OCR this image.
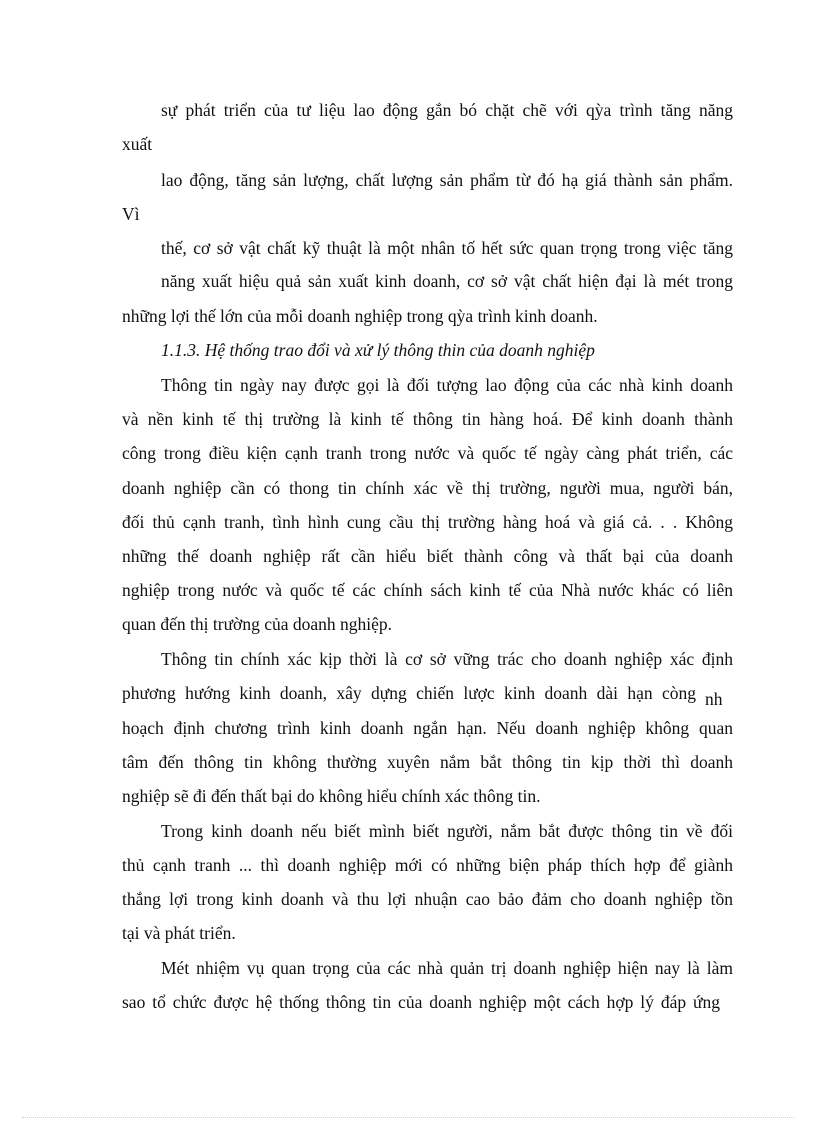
sự phát triển của tư liệu lao động gắn bó chặt chẽ với qỳa trình tăng năng
xuất
lao động, tăng sản lượng, chất lượng sản phẩm từ đó hạ giá thành sản phẩm.
Vì
thế, cơ sở vật chất kỹ thuật là một nhân tố hết sức quan trọng trong việc tăng
năng xuất hiệu quả sản xuất kinh doanh, cơ sở vật chất hiện đại là mét trong
những lợi thế lớn của mỗi doanh nghiệp trong qỳa trình kinh doanh.
1.1.3. Hệ thống trao đổi và xử lý thông thin của doanh nghiệp
Thông tin ngày nay được gọi là đối tượng lao động của các nhà kinh doanh
và nền kinh tế thị trường là kinh tế thông tin hàng hoá. Để kinh doanh thành
công trong điều kiện cạnh tranh trong nước và quốc tế ngày càng phát triển, các
doanh nghiệp cần có thong tin chính xác về thị trường, người mua, người bán,
đối thủ cạnh tranh, tình hình cung cầu thị trường hàng hoá và giá cả. . . Không
những thế doanh nghiệp rất cần hiểu biết thành công và thất bại của doanh
nghiệp trong nước và quốc tế các chính sách kinh tế của Nhà nước khác có liên
quan đến thị trường của doanh nghiệp.
Thông tin chính xác kịp thời là cơ sở vững trác cho doanh nghiệp xác định
phương hướng kinh doanh, xây dựng chiến lược kinh doanh dài hạn còng nh
hoạch định chương trình kinh doanh ngắn hạn. Nếu doanh nghiệp không quan
tâm đến thông tin không thường xuyên nắm bắt thông tin kịp thời thì doanh
nghiệp sẽ đi đến thất bại do không hiểu chính xác thông tin.
Trong kinh doanh nếu biết mình biết người, nắm bắt được thông tin về đối
thủ cạnh tranh ... thì doanh nghiệp mới có những biện pháp thích hợp để giành
thắng lợi trong kinh doanh và thu lợi nhuận cao bảo đảm cho doanh nghiệp tồn
tại và phát triển.
Mét nhiệm vụ quan trọng của các nhà quản trị doanh nghiệp hiện nay là làm
sao tổ chức được hệ thống thông tin của doanh nghiệp một cách hợp lý đáp ứng
